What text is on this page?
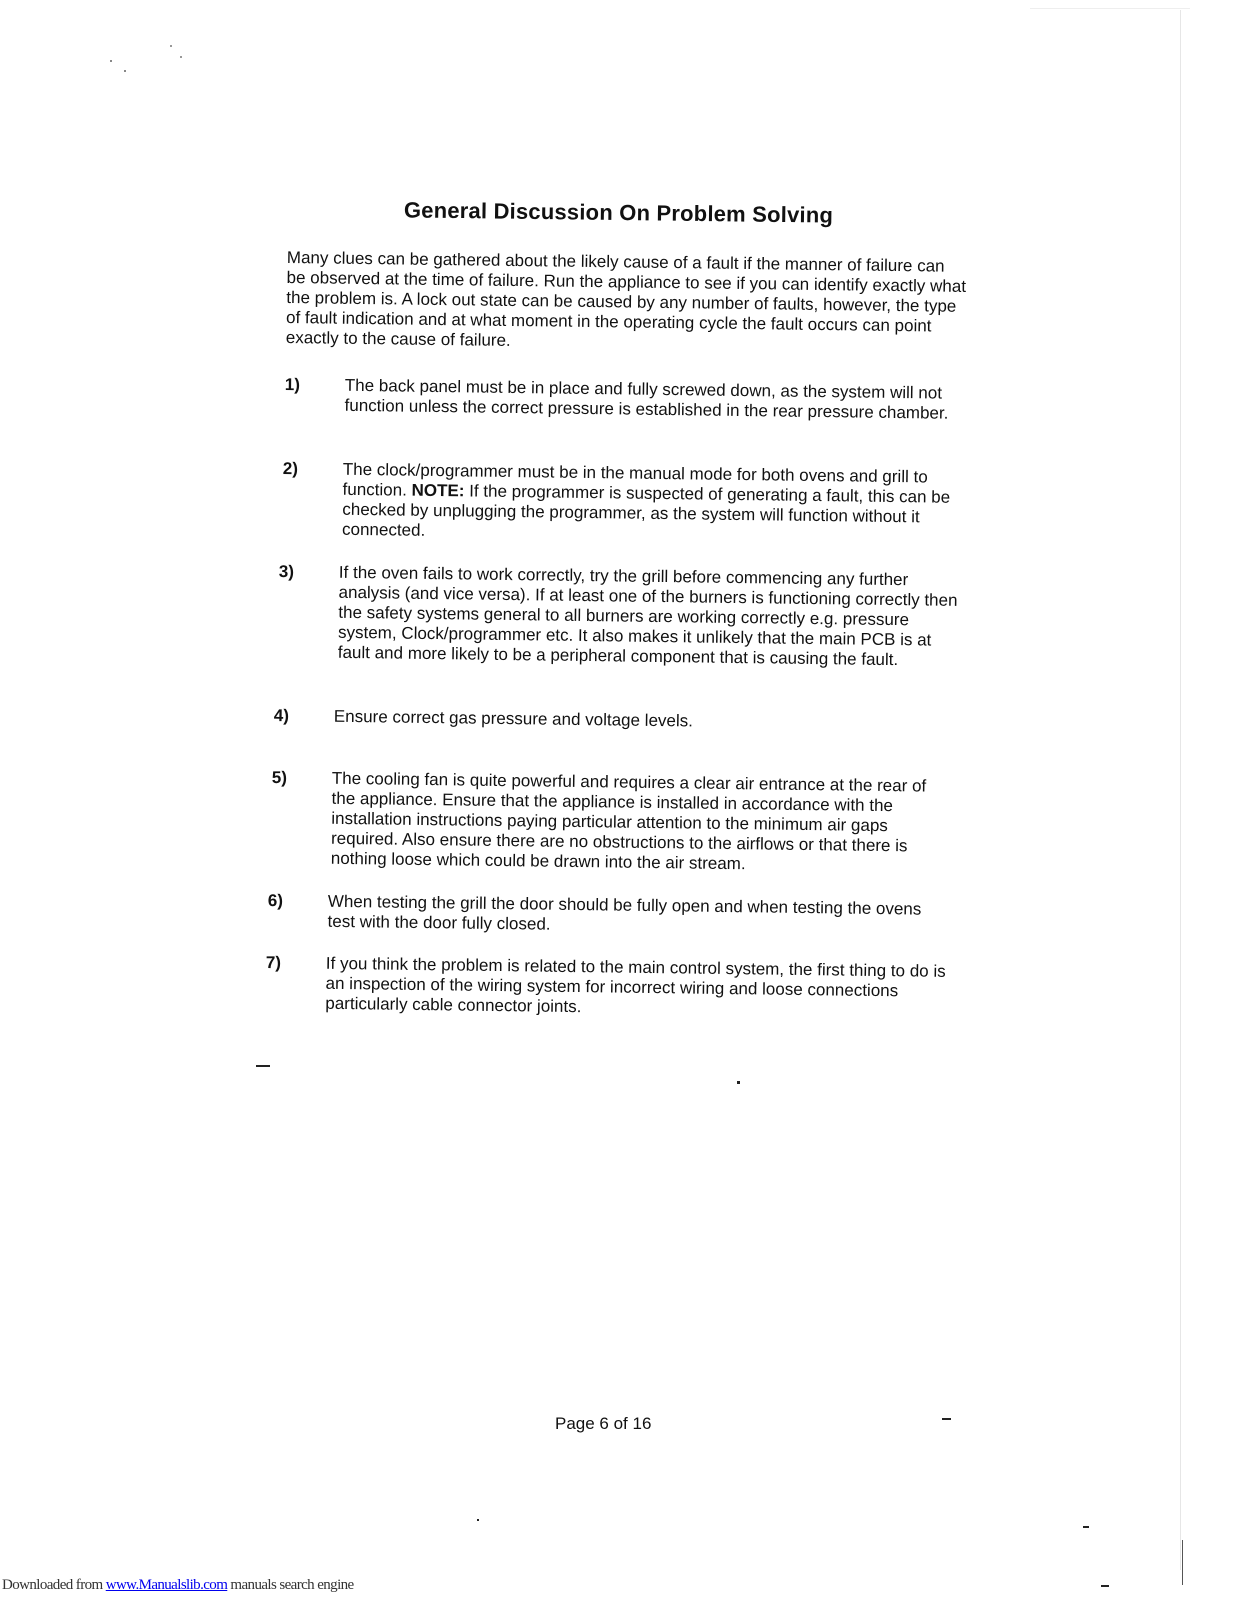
General Discussion On Problem Solving
Many clues can be gathered about the likely cause of a fault if the manner of failure can be observed at the time of failure. Run the appliance to see if you can identify exactly what the problem is. A lock out state can be caused by any number of faults, however, the type of fault indication and at what moment in the operating cycle the fault occurs can point exactly to the cause of failure.
1)	The back panel must be in place and fully screwed down, as the system will not function unless the correct pressure is established in the rear pressure chamber.
2)	The clock/programmer must be in the manual mode for both ovens and grill to function. NOTE: If the programmer is suspected of generating a fault, this can be checked by unplugging the programmer, as the system will function without it connected.
3)	If the oven fails to work correctly, try the grill before commencing any further analysis (and vice versa). If at least one of the burners is functioning correctly then the safety systems general to all burners are working correctly e.g. pressure system, Clock/programmer etc. It also makes it unlikely that the main PCB is at fault and more likely to be a peripheral component that is causing the fault.
4)	Ensure correct gas pressure and voltage levels.
5)	The cooling fan is quite powerful and requires a clear air entrance at the rear of the appliance. Ensure that the appliance is installed in accordance with the installation instructions paying particular attention to the minimum air gaps required. Also ensure there are no obstructions to the airflows or that there is nothing loose which could be drawn into the air stream.
6)	When testing the grill the door should be fully open and when testing the ovens test with the door fully closed.
7)	If you think the problem is related to the main control system, the first thing to do is an inspection of the wiring system for incorrect wiring and loose connections particularly cable connector joints.
Page 6 of 16
Downloaded from www.Manualslib.com manuals search engine
